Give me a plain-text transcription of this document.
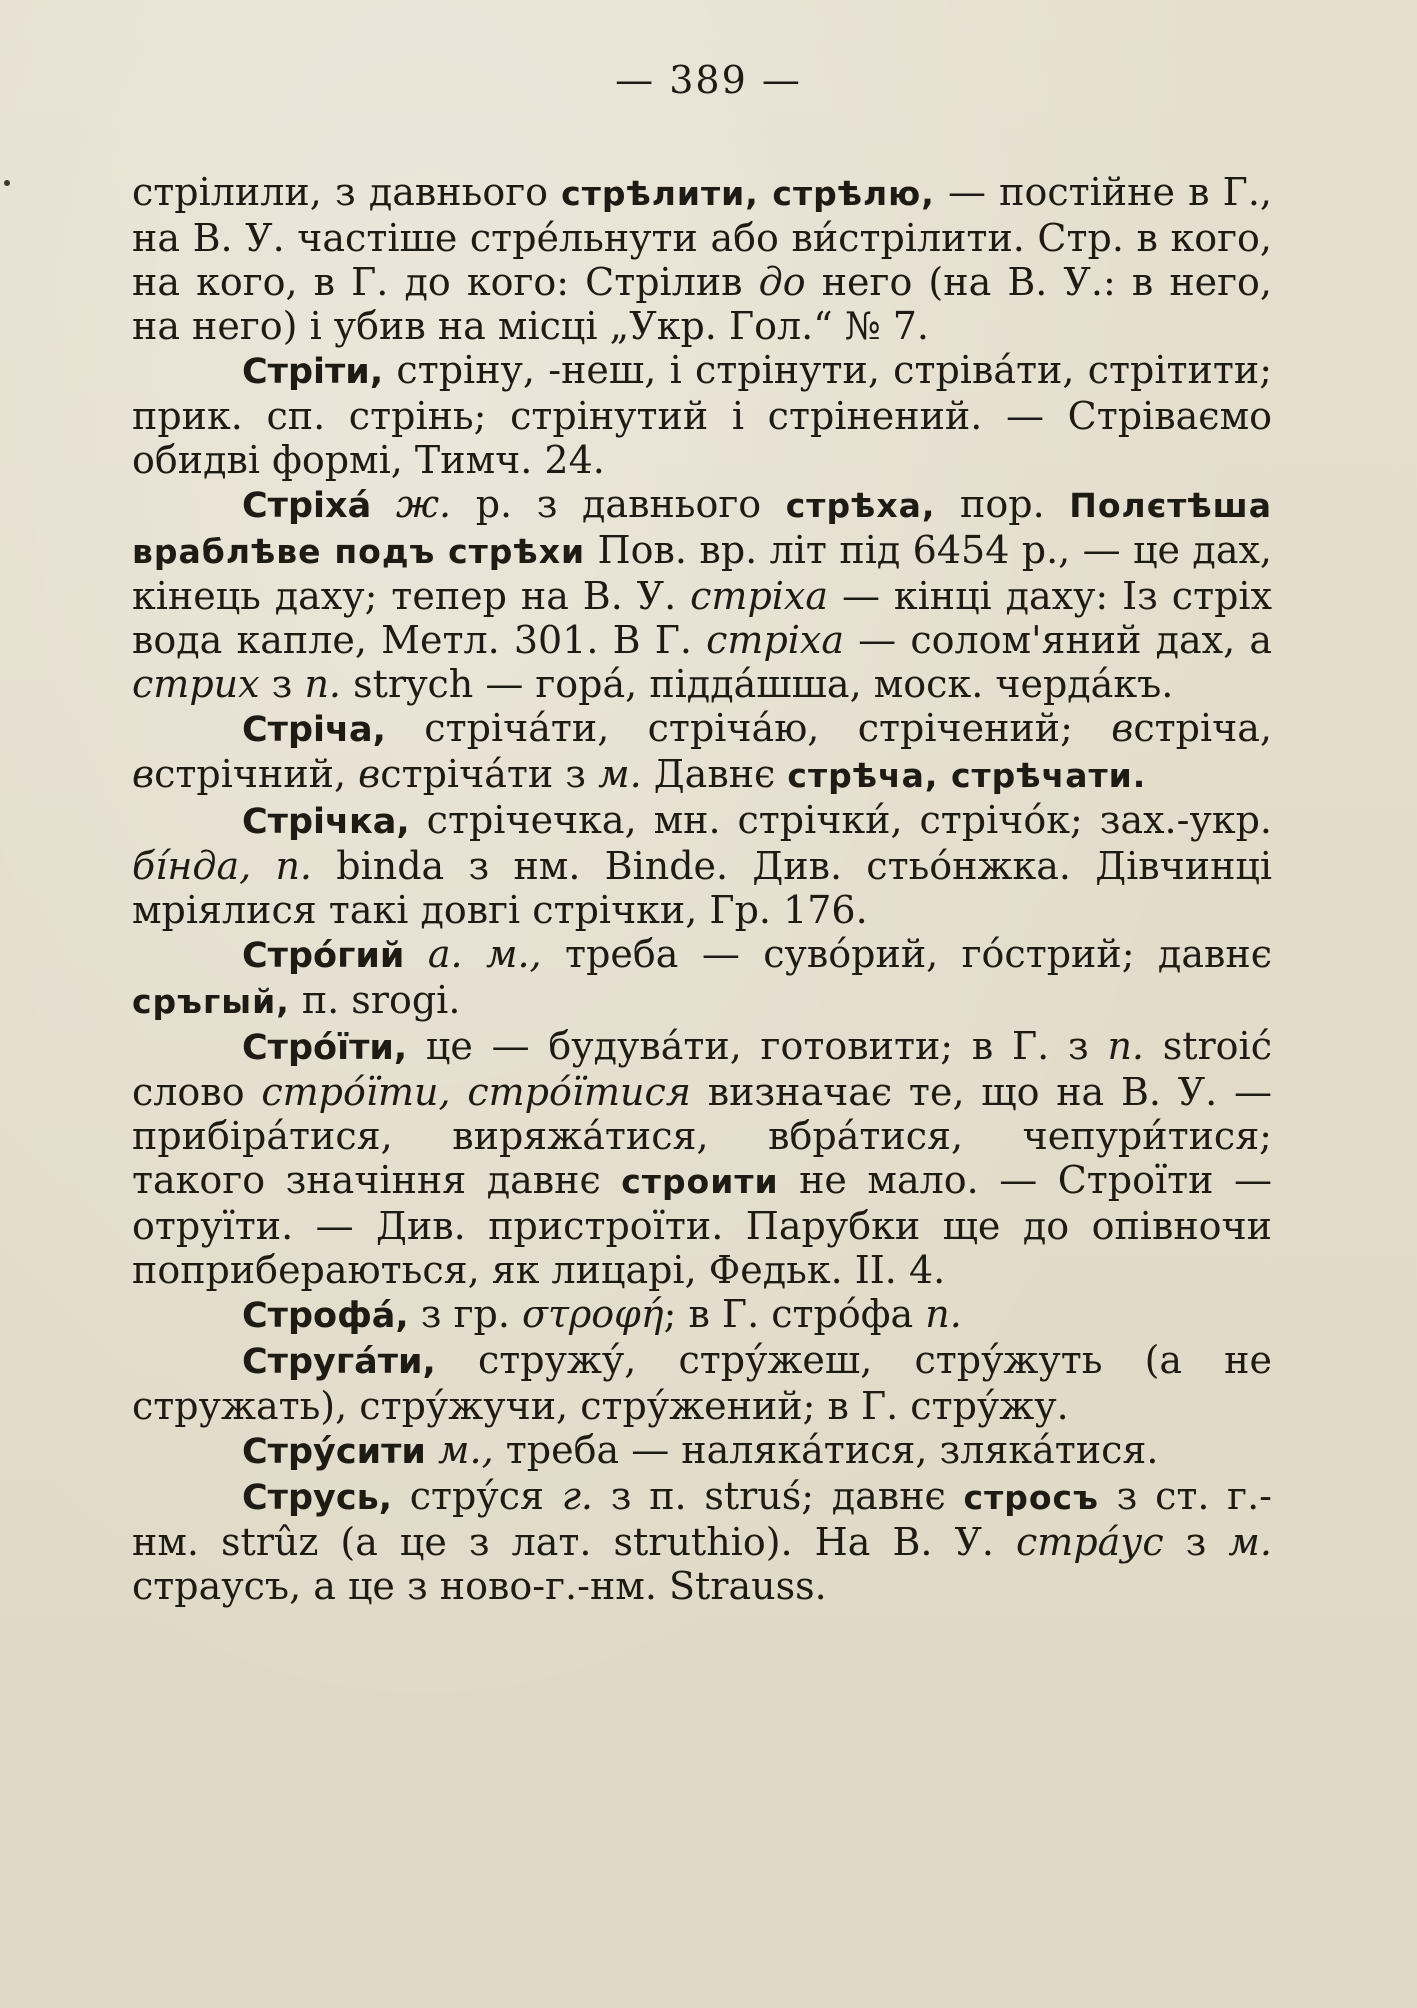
— 389 —

стрілили, з давнього стрѣлити, стрѣлю, — постійне в Г., на В. У. частіше стре́льнути або ви́стрілити. Стр. в кого, на кого, в Г. до кого: Стрілив до него (на В. У.: в него, на него) і убив на місці „Укр. Гол.“ № 7.

Стріти, стріну, -неш, і стрінути, стріва́ти, стрітити; прик. сп. стрінь; стрінутий і стрінений. — Стріваємо обидві формі, Тимч. 24.

Стріха́ ж. р. з давнього стрѣха, пор. Полєтѣша враблѣве подъ стрѣхи Пов. вр. літ під 6454 р., — це дах, кінець даху; тепер на В. У. стріха — кінці даху: Із стріх вода капле, Метл. 301. В Г. стріха — солом'яний дах, а стрих з п. strych — гора́, підда́шша, моск. черда́къ.

Стріча, стріча́ти, стріча́ю, стрічений; встріча, встрічний, встріча́ти з м. Давнє стрѣча, стрѣчати.

Стрічка, стрічечка, мн. стрічки́, стрічо́к; зах.-укр. бі́нда, п. binda з нм. Binde. Див. стьо́нжка. Дівчинці мріялися такі довгі стрічки, Гр. 176.

Стро́гий а. м., треба — суво́рий, го́стрий; давнє сръгый, п. srogi.

Стро́їти, це — будува́ти, готовити; в Г. з п. stroić слово стро́їти, стро́їтися визначає те, що на В. У. — прибіра́тися, виряжа́тися, вбра́тися, чепури́тися; такого значіння давнє строити не мало. — Строїти — отруїти. — Див. пристроїти. Парубки ще до опівночи поприбераються, як лицарі, Федьк. II. 4.

Строфа́, з гр. στροφή; в Г. стро́фа п.

Струга́ти, стружу́, стру́жеш, стру́жуть (а не стружать), стру́жучи, стру́жений; в Г. стру́жу.

Стру́сити м., треба — наляка́тися, зляка́тися.

Струсь, стру́ся г. з п. struś; давнє стросъ з ст. г.-нм. strûz (а це з лат. struthio). На В. У. стра́ус з м. страусъ, а це з ново-г.-нм. Strauss.
